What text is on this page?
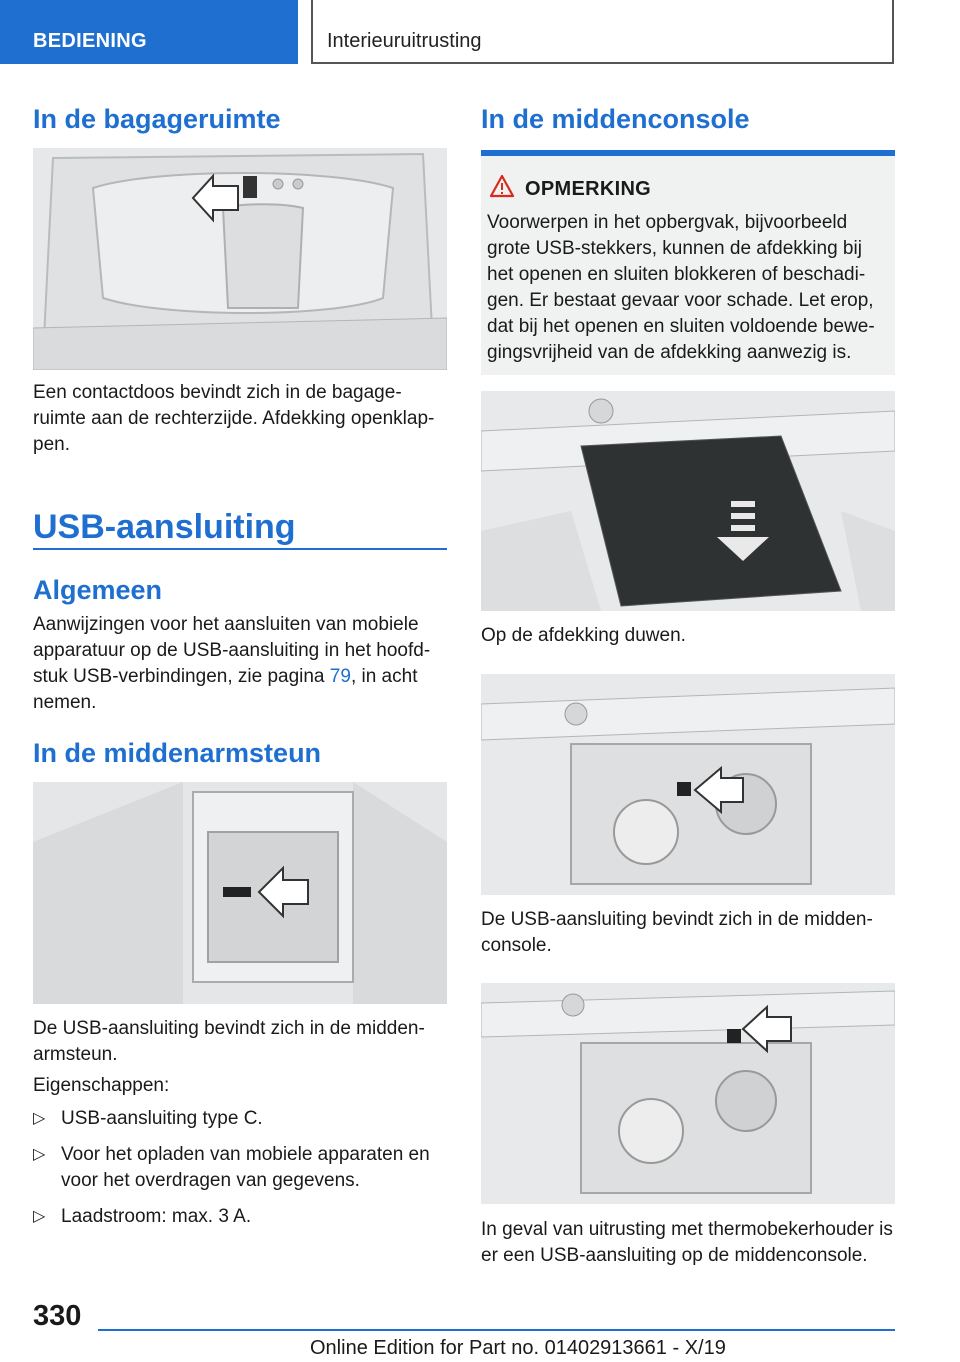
BEDIENING	Interieuruitrusting
In de bagageruimte

Een contactdoos bevindt zich in de bagage-ruimte aan de rechterzijde. Afdekking openklap-pen.

USB-aansluiting
Algemeen

Aanwijzingen voor het aansluiten van mobiele apparatuur op de USB-aansluiting in het hoofd-stuk USB-verbindingen, zie pagina 79, in acht nemen.

In de middenarmsteun

De USB-aansluiting bevindt zich in de midden-armsteun.

Eigenschappen:

▷ USB-aansluiting type C.
▷ Voor het opladen van mobiele apparaten en voor het overdragen van gegevens.
▷ Laadstroom: max. 3 A.
In de middenconsole
OPMERKING
Voorwerpen in het opbergvak, bijvoorbeeld grote USB-stekkers, kunnen de afdekking bij het openen en sluiten blokkeren of beschadi-gen. Er bestaat gevaar voor schade. Let erop, dat bij het openen en sluiten voldoende bewe-gingsvrijheid van de afdekking aanwezig is.

Op de afdekking duwen.

De USB-aansluiting bevindt zich in de midden-console.

In geval van uitrusting met thermobekerhouder is er een USB-aansluiting op de middenconsole.

330
Online Edition for Part no. 01402913661 - X/19
